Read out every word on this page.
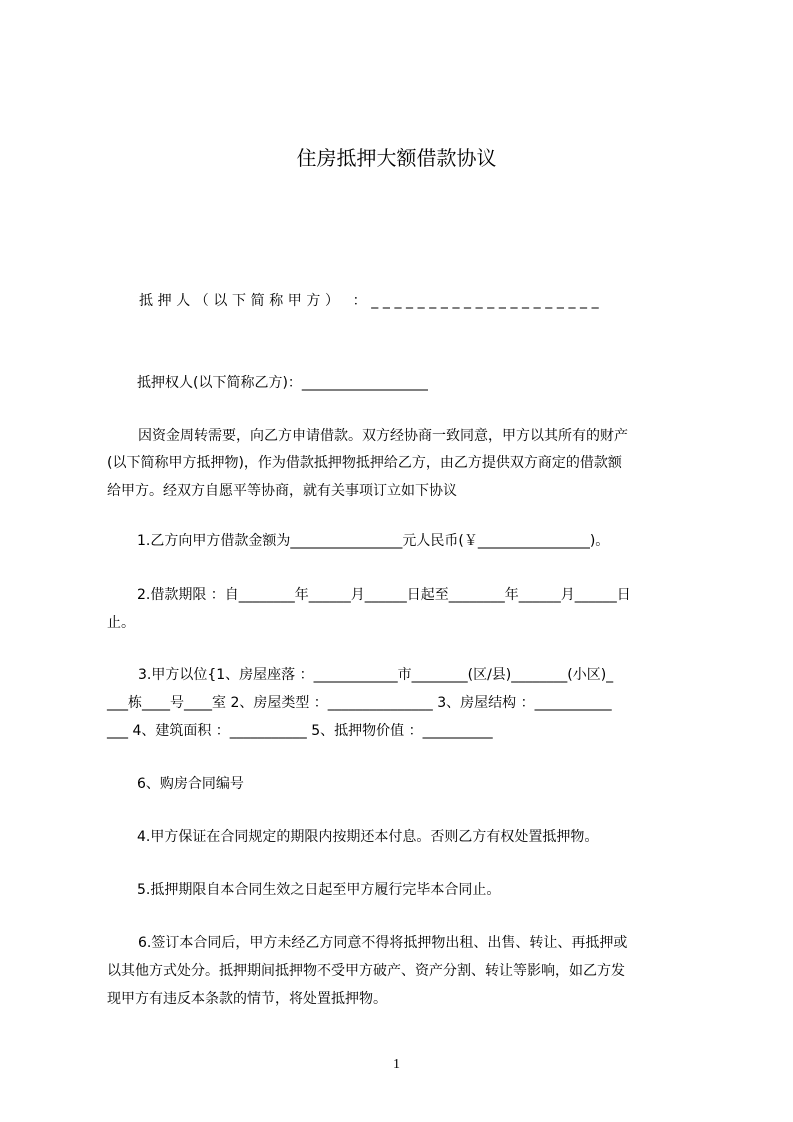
住房抵押大额借款协议
抵押人（以下简称甲方） ：____________________
抵押权人(以下简称乙方)：__________________
因资金周转需要，向乙方申请借款。双方经协商一致同意，甲方以其所有的财产
(以下简称甲方抵押物)，作为借款抵押物抵押给乙方，由乙方提供双方商定的借款额
给甲方。经双方自愿平等协商，就有关事项订立如下协议
1.乙方向甲方借款金额为________________元人民币(￥________________)。
2.借款期限 ：自________年______月______日起至________年______月______日
止。
3.甲方以位{1、房屋座落 ：____________市________(区/县)________(小区)_
___栋____号____室 2、房屋类型 ：_______________ 3、房屋结构 ：___________
___ 4、建筑面积 ：___________ 5、抵押物价值 ：__________
6、购房合同编号
4.甲方保证在合同规定的期限内按期还本付息。否则乙方有权处置抵押物。
5.抵押期限自本合同生效之日起至甲方履行完毕本合同止。
6.签订本合同后，甲方未经乙方同意不得将抵押物出租、出售、转让、再抵押或
以其他方式处分。抵押期间抵押物不受甲方破产、资产分割、转让等影响，如乙方发
现甲方有违反本条款的情节，将处置抵押物。
1
